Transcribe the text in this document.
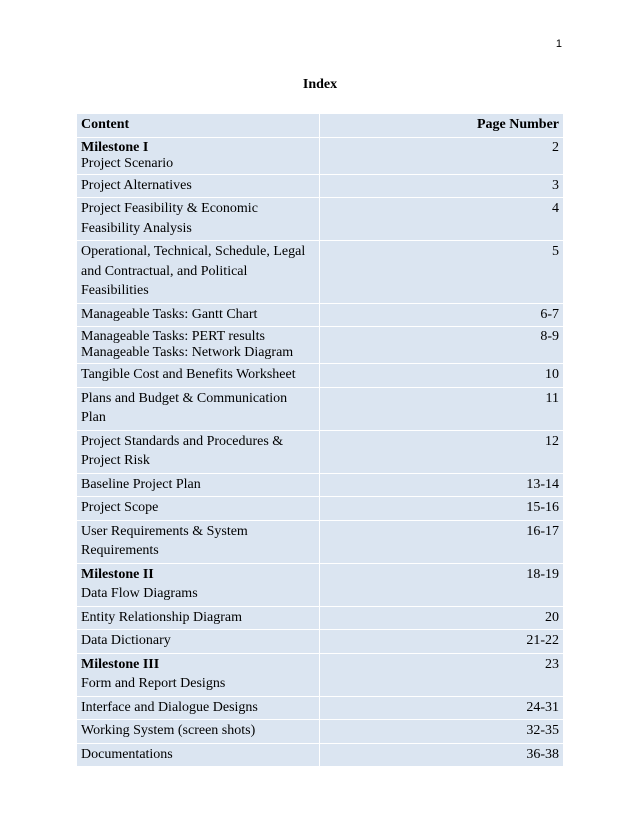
1
Index
Content	Page Number

Milestone I
Project Scenario	2
Project Alternatives	3
Project Feasibility & Economic Feasibility Analysis	4
Operational, Technical, Schedule, Legal and Contractual, and Political Feasibilities	5
Manageable Tasks: Gantt Chart	6-7

Manageable Tasks: PERT results
Manageable Tasks: Network Diagram	8-9
Tangible Cost and Benefits Worksheet	10
Plans and Budget & Communication Plan	11
Project Standards and Procedures & Project Risk	12
Baseline Project Plan	13-14
Project Scope	15-16
User Requirements & System Requirements	16-17

Milestone II
Data Flow Diagrams	18-19
Entity Relationship Diagram	20
Data Dictionary	21-22

Milestone III
Form and Report Designs	23
Interface and Dialogue Designs	24-31
Working System (screen shots)	32-35
Documentations	36-38
